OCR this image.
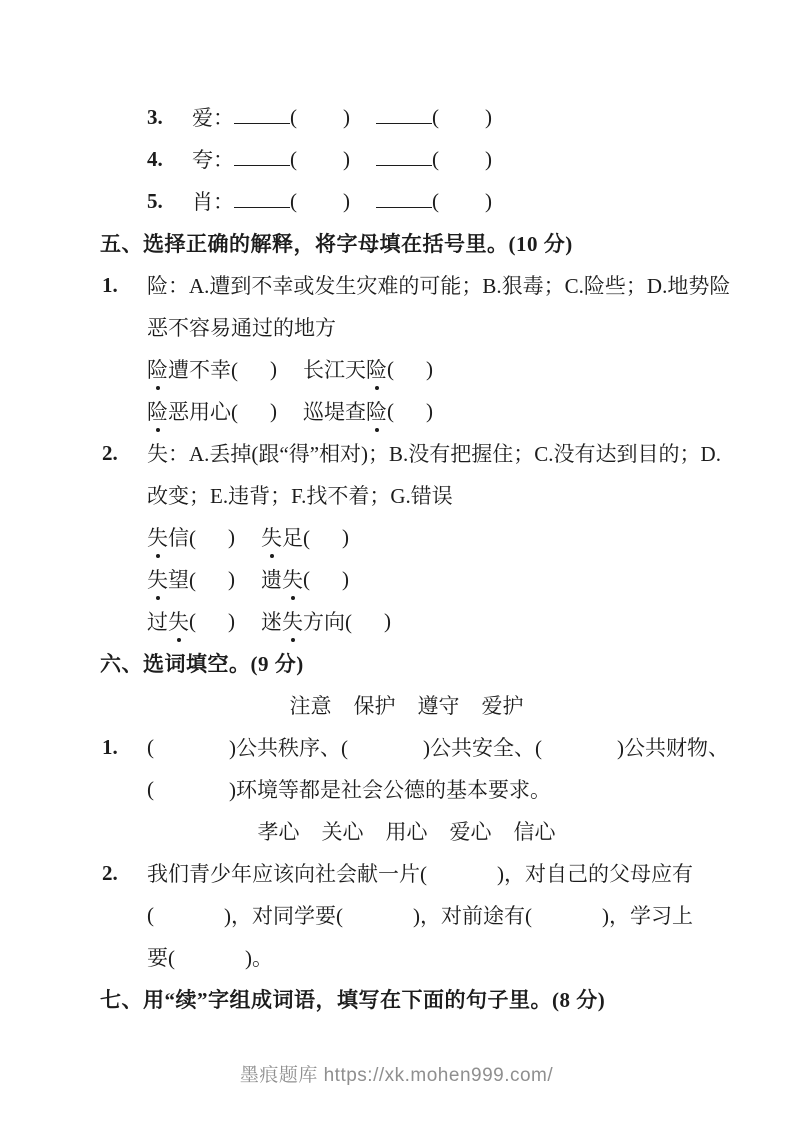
3.	爱：	( )	( )
4.	夸：	( )	( )
5.	肖：	( )	( )
五、选择正确的解释，将字母填在括号里。(10 分)
1.	险：A.遭到不幸或发生灾难的可能；B.狠毒；C.险些；D.地势险
恶不容易通过的地方
险 遭不幸( ) 长江天 险 ( )
险 恶用心( ) 巡堤查 险 ( )
2.	失：A.丢掉(跟“得”相对)；B.没有把握住；C.没有达到目的；D.
改变；E.违背；F.找不着；G.错误
失 信( ) 失 足( )
失 望( ) 遗 失 ( )
过 失 ( ) 迷 失 方向( )
六、选词填空。(9 分)
注意 保护 遵守 爱护
1.	(	)公共秩序、(	)公共安全、(	)公共财物、
(	)环境等都是社会公德的基本要求。
孝心 关心 用心 爱心 信心
2.	我们青少年应该向社会献一片(	)，对自己的父母应有
(	)，对同学要(	)，对前途有(	)，学习上
要(	)。
七、用“续”字组成词语，填写在下面的句子里。(8 分)
墨痕题库 https://xk.mohen999.com/
